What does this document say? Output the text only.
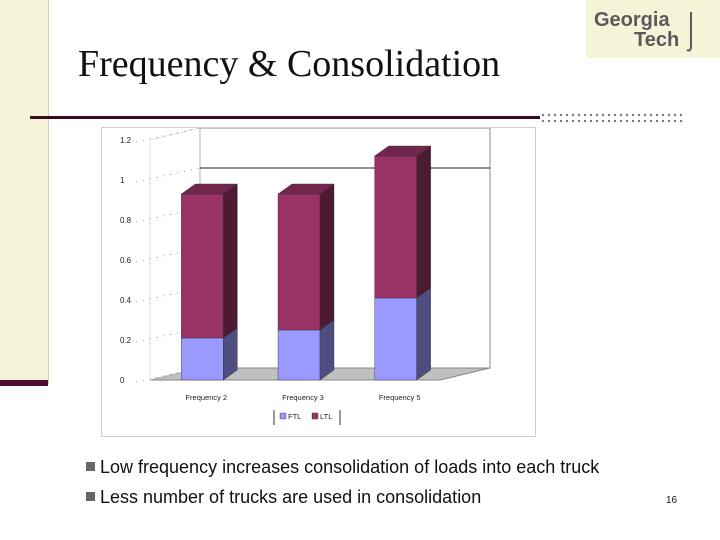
Georgia
Tech
Frequency & Consolidation
0
0.2
0.4
0.6
0.8
1
1.2
Frequency 2	Frequency 3	Frequency 5
FTL LTL
Low frequency increases consolidation of loads into each truck
Less number of trucks are used in consolidation	16
